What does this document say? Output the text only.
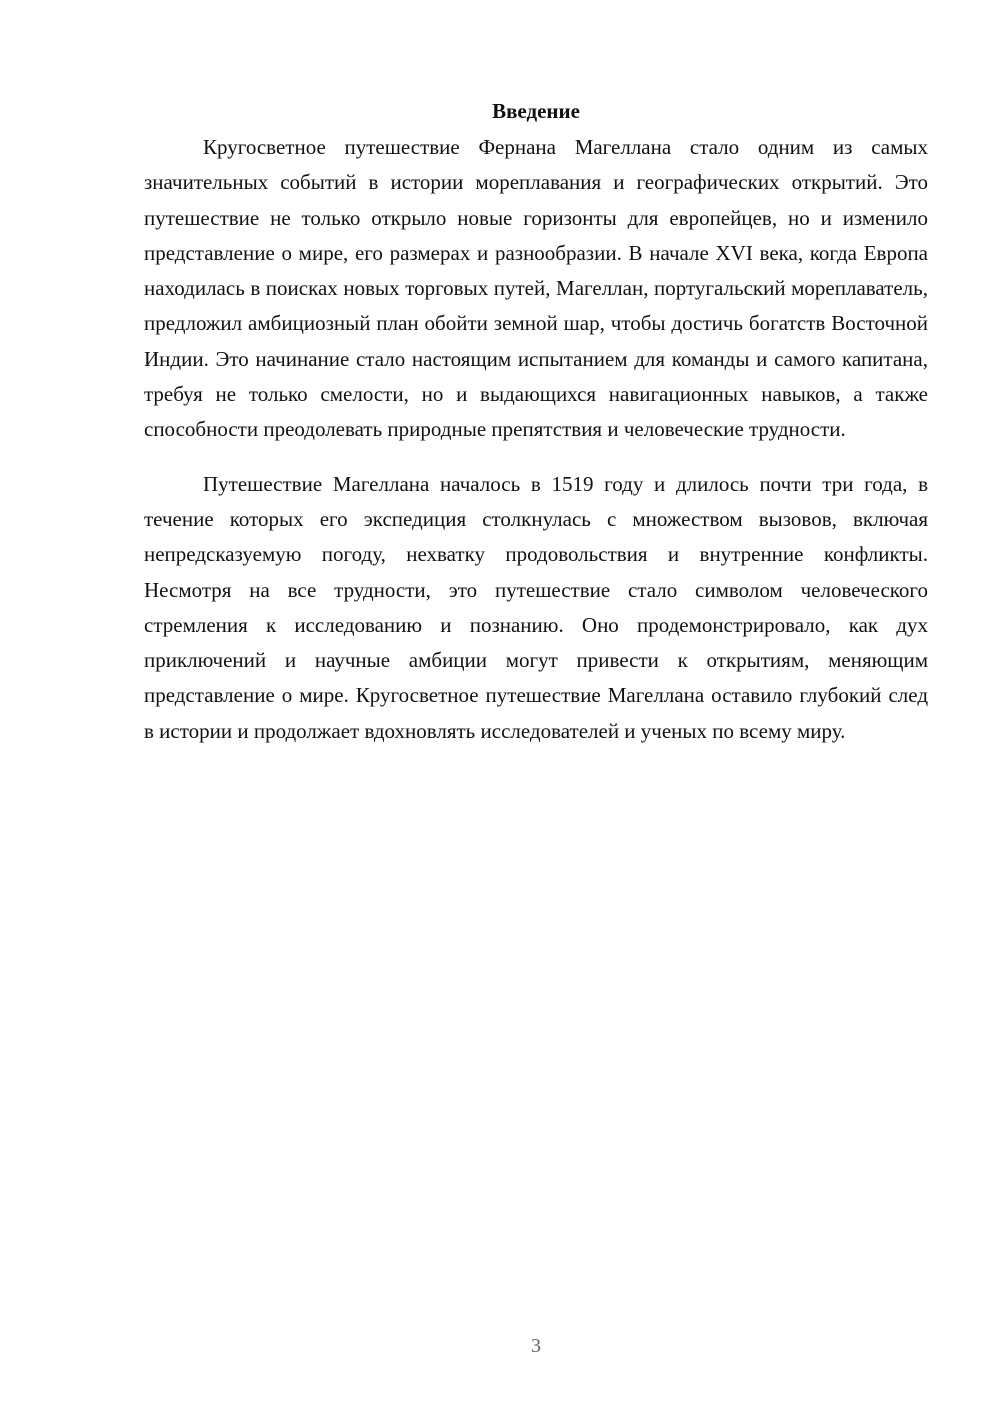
Введение

Кругосветное путешествие Фернана Магеллана стало одним из самых значительных событий в истории мореплавания и географических открытий. Это путешествие не только открыло новые горизонты для европейцев, но и изменило представление о мире, его размерах и разнообразии. В начале XVI века, когда Европа находилась в поисках новых торговых путей, Магеллан, португальский мореплаватель, предложил амбициозный план обойти земной шар, чтобы достичь богатств Восточной Индии. Это начинание стало настоящим испытанием для команды и самого капитана, требуя не только смелости, но и выдающихся навигационных навыков, а также способности преодолевать природные препятствия и человеческие трудности.

Путешествие Магеллана началось в 1519 году и длилось почти три года, в течение которых его экспедиция столкнулась с множеством вызовов, включая непредсказуемую погоду, нехватку продовольствия и внутренние конфликты. Несмотря на все трудности, это путешествие стало символом человеческого стремления к исследованию и познанию. Оно продемонстрировало, как дух приключений и научные амбиции могут привести к открытиям, меняющим представление о мире. Кругосветное путешествие Магеллана оставило глубокий след в истории и продолжает вдохновлять исследователей и ученых по всему миру.

3
